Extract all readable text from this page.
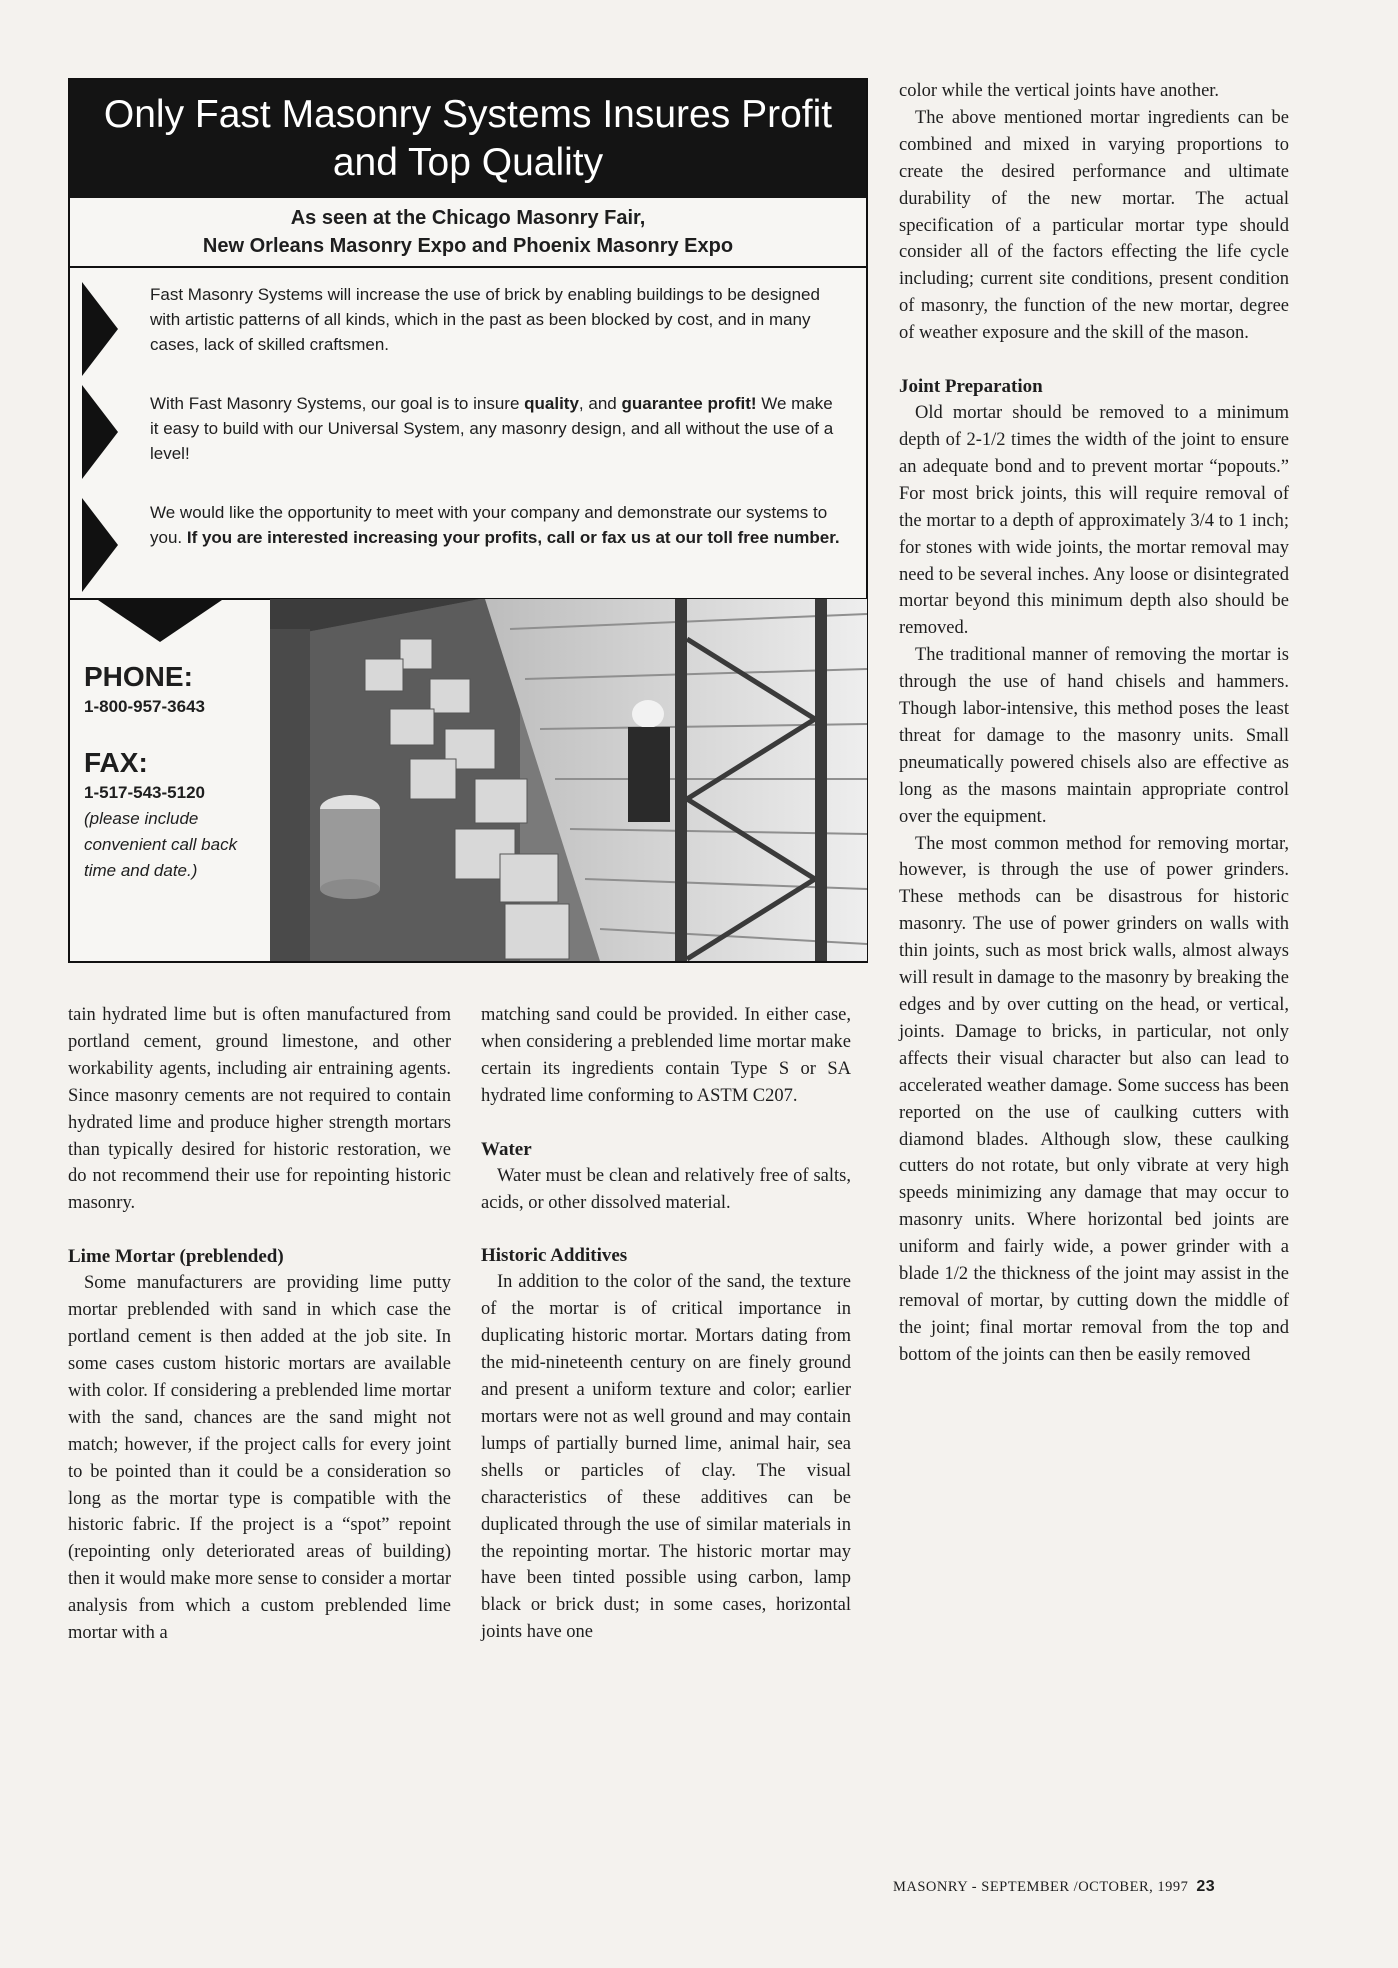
Only Fast Masonry Systems Insures Profit and Top Quality
As seen at the Chicago Masonry Fair,
New Orleans Masonry Expo and Phoenix Masonry Expo
Fast Masonry Systems will increase the use of brick by enabling buildings to be designed with artistic patterns of all kinds, which in the past as been blocked by cost, and in many cases, lack of skilled craftsmen.
With Fast Masonry Systems, our goal is to insure quality, and guarantee profit! We make it easy to build with our Universal System, any masonry design, and all without the use of a level!
We would like the opportunity to meet with your company and demonstrate our systems to you. If you are interested increasing your profits, call or fax us at our toll free number.
PHONE:
1-800-957-3643
FAX:
1-517-543-5120
(please include convenient call back time and date.)

tain hydrated lime but is often manufactured from portland cement, ground limestone, and other workability agents, including air entraining agents. Since masonry cements are not required to contain hydrated lime and produce higher strength mortars than typically desired for historic restoration, we do not recommend their use for repointing historic masonry.

Lime Mortar (preblended)

Some manufacturers are providing lime putty mortar preblended with sand in which case the portland cement is then added at the job site. In some cases custom historic mortars are available with color. If considering a preblended lime mortar with the sand, chances are the sand might not match; however, if the project calls for every joint to be pointed than it could be a consideration so long as the mortar type is compatible with the historic fabric. If the project is a “spot” repoint (repointing only deteriorated areas of building) then it would make more sense to consider a mortar analysis from which a custom preblended lime mortar with a

matching sand could be provided. In either case, when considering a preblended lime mortar make certain its ingredients contain Type S or SA hydrated lime conforming to ASTM C207.

Water

Water must be clean and relatively free of salts, acids, or other dissolved material.

Historic Additives

In addition to the color of the sand, the texture of the mortar is of critical importance in duplicating historic mortar. Mortars dating from the mid-nineteenth century on are finely ground and present a uniform texture and color; earlier mortars were not as well ground and may contain lumps of partially burned lime, animal hair, sea shells or particles of clay. The visual characteristics of these additives can be duplicated through the use of similar materials in the repointing mortar. The historic mortar may have been tinted possible using carbon, lamp black or brick dust; in some cases, horizontal joints have one

color while the vertical joints have another.

The above mentioned mortar ingredients can be combined and mixed in varying proportions to create the desired performance and ultimate durability of the new mortar. The actual specification of a particular mortar type should consider all of the factors effecting the life cycle including; current site conditions, present condition of masonry, the function of the new mortar, degree of weather exposure and the skill of the mason.

Joint Preparation

Old mortar should be removed to a minimum depth of 2-1/2 times the width of the joint to ensure an adequate bond and to prevent mortar “popouts.” For most brick joints, this will require removal of the mortar to a depth of approximately 3/4 to 1 inch; for stones with wide joints, the mortar removal may need to be several inches. Any loose or disintegrated mortar beyond this minimum depth also should be removed.

The traditional manner of removing the mortar is through the use of hand chisels and hammers. Though labor-intensive, this method poses the least threat for damage to the masonry units. Small pneumatically powered chisels also are effective as long as the masons maintain appropriate control over the equipment.

The most common method for removing mortar, however, is through the use of power grinders. These methods can be disastrous for historic masonry. The use of power grinders on walls with thin joints, such as most brick walls, almost always will result in damage to the masonry by breaking the edges and by over cutting on the head, or vertical, joints. Damage to bricks, in particular, not only affects their visual character but also can lead to accelerated weather damage. Some success has been reported on the use of caulking cutters with diamond blades. Although slow, these caulking cutters do not rotate, but only vibrate at very high speeds minimizing any damage that may occur to masonry units. Where horizontal bed joints are uniform and fairly wide, a power grinder with a blade 1/2 the thickness of the joint may assist in the removal of mortar, by cutting down the middle of the joint; final mortar removal from the top and bottom of the joints can then be easily removed

MASONRY - SEPTEMBER /OCTOBER, 1997 23
